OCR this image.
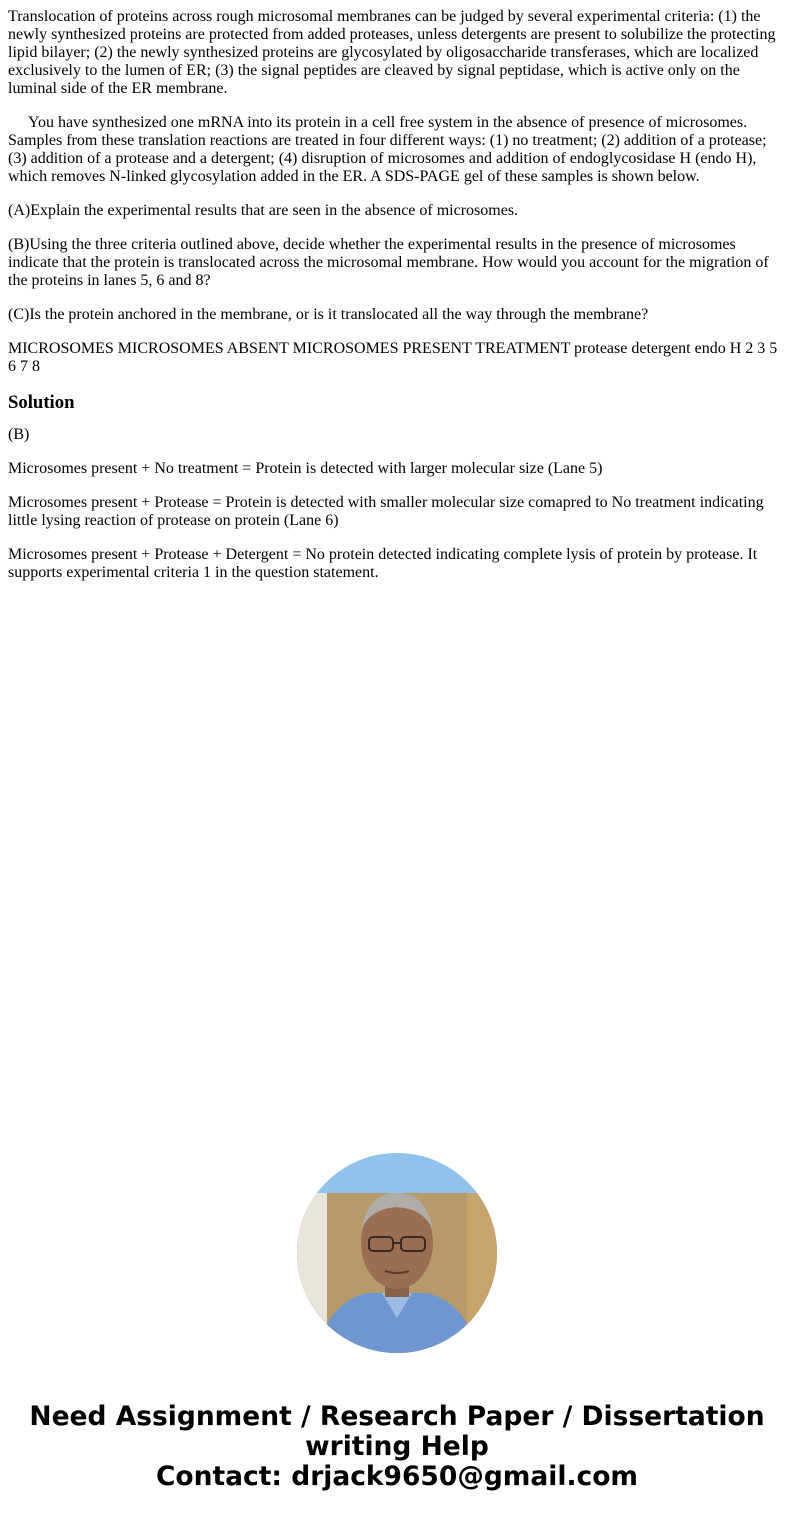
Translocation of proteins across rough microsomal membranes can be judged by several experimental criteria: (1) the newly synthesized proteins are protected from added proteases, unless detergents are present to solubilize the protecting lipid bilayer; (2) the newly synthesized proteins are glycosylated by oligosaccharide transferases, which are localized exclusively to the lumen of ER; (3) the signal peptides are cleaved by signal peptidase, which is active only on the luminal side of the ER membrane.

You have synthesized one mRNA into its protein in a cell free system in the absence of presence of microsomes. Samples from these translation reactions are treated in four different ways: (1) no treatment; (2) addition of a protease; (3) addition of a protease and a detergent; (4) disruption of microsomes and addition of endoglycosidase H (endo H), which removes N-linked glycosylation added in the ER. A SDS-PAGE gel of these samples is shown below.

(A)Explain the experimental results that are seen in the absence of microsomes.

(B)Using the three criteria outlined above, decide whether the experimental results in the presence of microsomes indicate that the protein is translocated across the microsomal membrane. How would you account for the migration of the proteins in lanes 5, 6 and 8?

(C)Is the protein anchored in the membrane, or is it translocated all the way through the membrane?

MICROSOMES MICROSOMES ABSENT MICROSOMES PRESENT TREATMENT protease detergent endo H 2 3 5 6 7 8

Solution

(B)

Microsomes present + No treatment = Protein is detected with larger molecular size (Lane 5)

Microsomes present + Protease = Protein is detected with smaller molecular size comapred to No treatment indicating little lysing reaction of protease on protein (Lane 6)

Microsomes present + Protease + Detergent = No protein detected indicating complete lysis of protein by protease. It supports experimental criteria 1 in the question statement.

Need Assignment / Research Paper / Dissertation
writing Help
Contact: drjack9650@gmail.com
